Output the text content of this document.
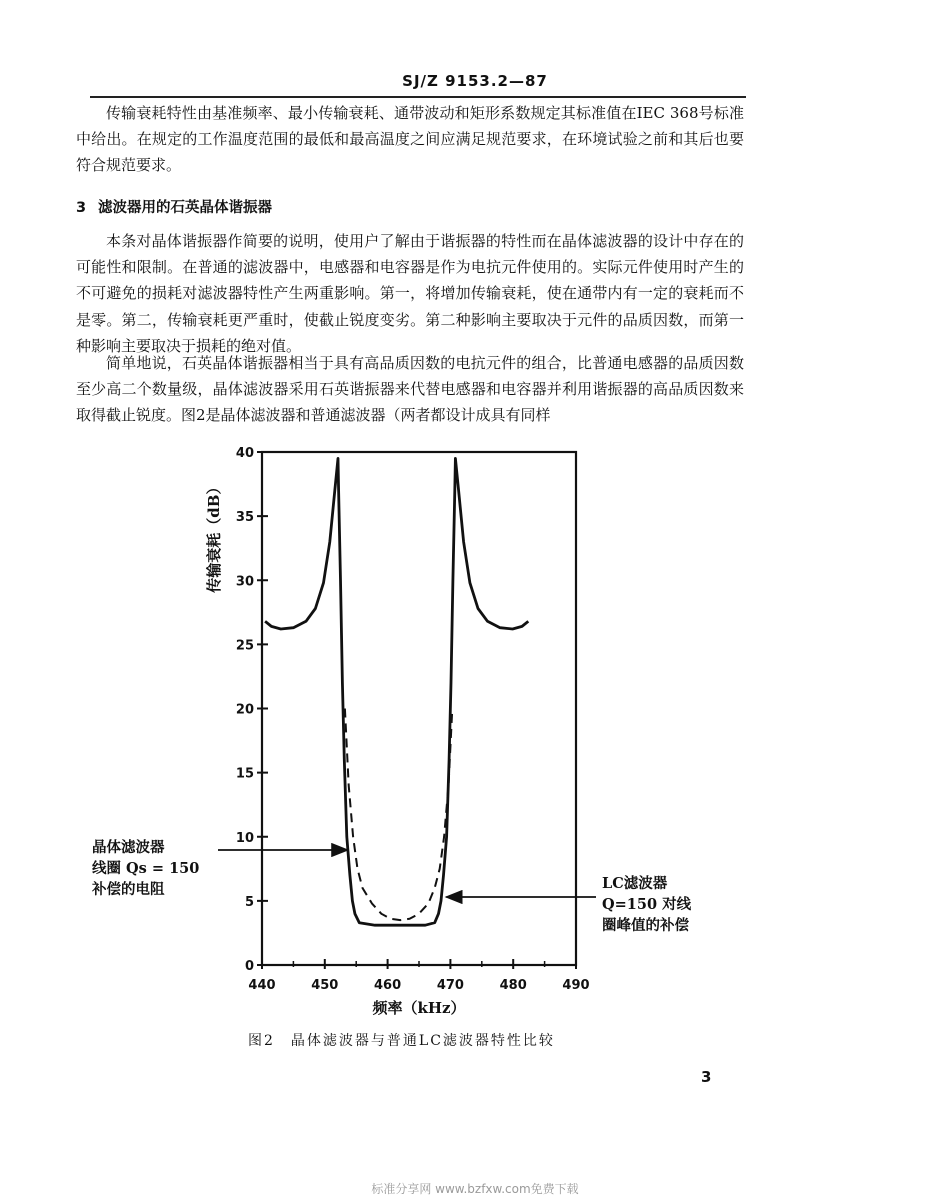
SJ/Z 9153.2—87

传输衰耗特性由基准频率、最小传输衰耗、通带波动和矩形系数规定其标准值在IEC 368号标准中给出。在规定的工作温度范围的最低和最高温度之间应满足规范要求，在环境试验之前和其后也要符合规范要求。

3 滤波器用的石英晶体谐振器

本条对晶体谐振器作简要的说明，使用户了解由于谐振器的特性而在晶体滤波器的设计中存在的可能性和限制。在普通的滤波器中，电感器和电容器是作为电抗元件使用的。实际元件使用时产生的不可避免的损耗对滤波器特性产生两重影响。第一，将增加传输衰耗，使在通带内有一定的衰耗而不是零。第二，传输衰耗更严重时，使截止锐度变劣。第二种影响主要取决于元件的品质因数，而第一种影响主要取决于损耗的绝对值。

简单地说，石英晶体谐振器相当于具有高品质因数的电抗元件的组合，比普通电感器的品质因数至少高二个数量级，晶体滤波器采用石英谐振器来代替电感器和电容器并利用谐振器的高品质因数来取得截止锐度。图2是晶体滤波器和普通滤波器（两者都设计成具有同样

0
5
10
15
20
25
30
35
40
440	450	460	470	480	490
频率（kHz）
传输衰耗（dB）
晶体滤波器
线圈 Qs = 150
补偿的电阻	LC滤波器
Q=150 对线
圈峰值的补偿
图2　晶体滤波器与普通LC滤波器特性比较
3
标准分享网 www.bzfxw.com免费下载
